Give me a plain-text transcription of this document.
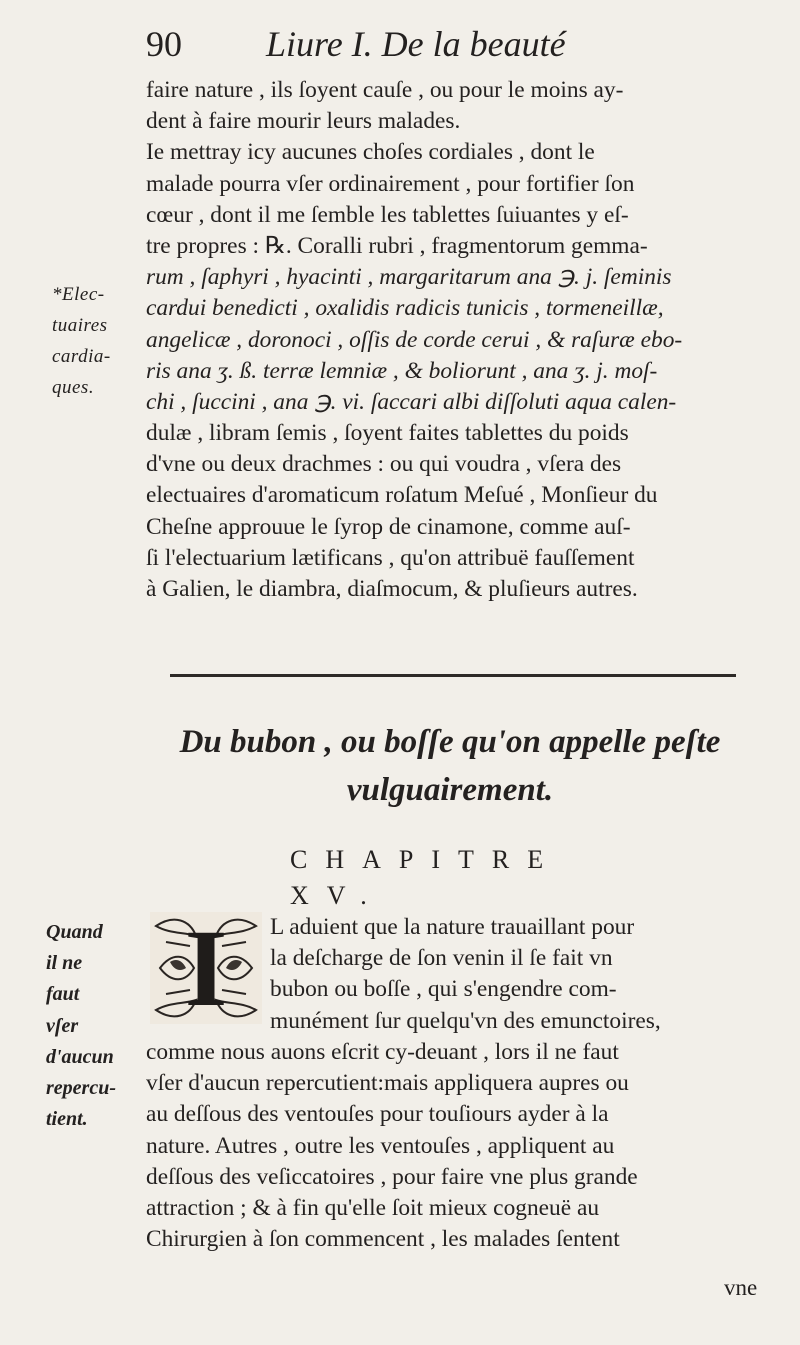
90 Liure I. De la beauté
faire nature , ils ſoyent cauſe , ou pour le moins ay-
dent à faire mourir leurs malades.
Ie mettray icy aucunes choſes cordiales , dont le
malade pourra vſer ordinairement , pour fortifier ſon
cœur , dont il me ſemble les tablettes ſuiuantes y eſ-
tre propres : ℞. Coralli rubri , fragmentorum gemma-
rum , ſaphyri , hyacinti , margaritarum ana ℈. j. ſeminis
cardui benedicti , oxalidis radicis tunicis , tormeneillæ,
angelicæ , doronoci , oſſis de corde cerui , & raſuræ ebo-
ris ana ʒ. ß. terræ lemniæ , & boliorunt , ana ʒ. j. moſ-
chi , ſuccini , ana ℈. vi. ſaccari albi diſſoluti aqua calen-
dulæ , libram ſemis , ſoyent faites tablettes du poids
d'vne ou deux drachmes : ou qui voudra , vſera des
electuaires d'aromaticum roſatum Meſué , Monſieur du
Cheſne approuue le ſyrop de cinamone, comme auſ-
ſi l'electuarium lætificans , qu'on attribuë fauſſement
à Galien, le diambra, diaſmocum, & pluſieurs autres.
*Elec-
tuaires
cardia-
ques.
Du bubon , ou boſſe qu'on appelle peſte
vulguairement.
CHAPITRE XV.
Quand
il ne
faut
vſer
d'aucun
repercu-
tient.
I	L aduient que la nature trauaillant pour
la deſcharge de ſon venin il ſe fait vn
bubon ou boſſe , qui s'engendre com-
munément ſur quelqu'vn des emunctoires,
comme nous auons eſcrit cy-deuant , lors il ne faut
vſer d'aucun repercutient:mais appliquera aupres ou
au deſſous des ventouſes pour touſiours ayder à la
nature. Autres , outre les ventouſes , appliquent au
deſſous des veſiccatoires , pour faire vne plus grande
attraction ; & à fin qu'elle ſoit mieux cogneuë au
Chirurgien à ſon commencent , les malades ſentent
vne
